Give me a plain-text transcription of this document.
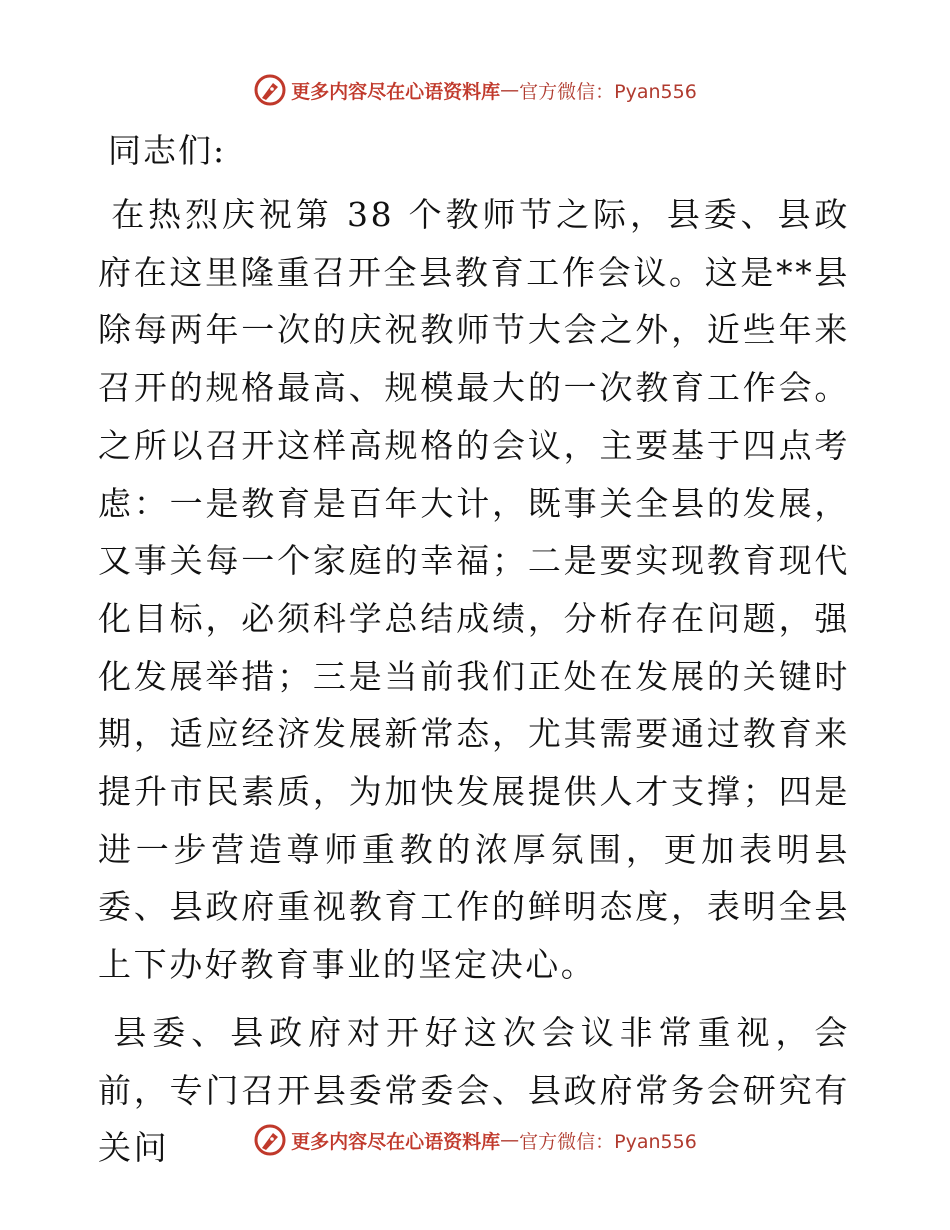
更多内容尽在心语资料库 — 官方微信：Pyan556
同志们:

在热烈庆祝第 38 个教师节之际，县委、县政府在这里隆重召开全县教育工作会议。这是**县除每两年一次的庆祝教师节大会之外，近些年来召开的规格最高、规模最大的一次教育工作会。之所以召开这样高规格的会议，主要基于四点考虑：一是教育是百年大计，既事关全县的发展，又事关每一个家庭的幸福；二是要实现教育现代化目标，必须科学总结成绩，分析存在问题，强化发展举措；三是当前我们正处在发展的关键时期，适应经济发展新常态，尤其需要通过教育来提升市民素质，为加快发展提供人才支撑；四是进一步营造尊师重教的浓厚氛围，更加表明县委、县政府重视教育工作的鲜明态度，表明全县上下办好教育事业的坚定决心。

县委、县政府对开好这次会议非常重视，会前，专门召开县委常委会、县政府常务会研究有关问	更多内容尽在心语资料库 — 官方微信：Pyan556
